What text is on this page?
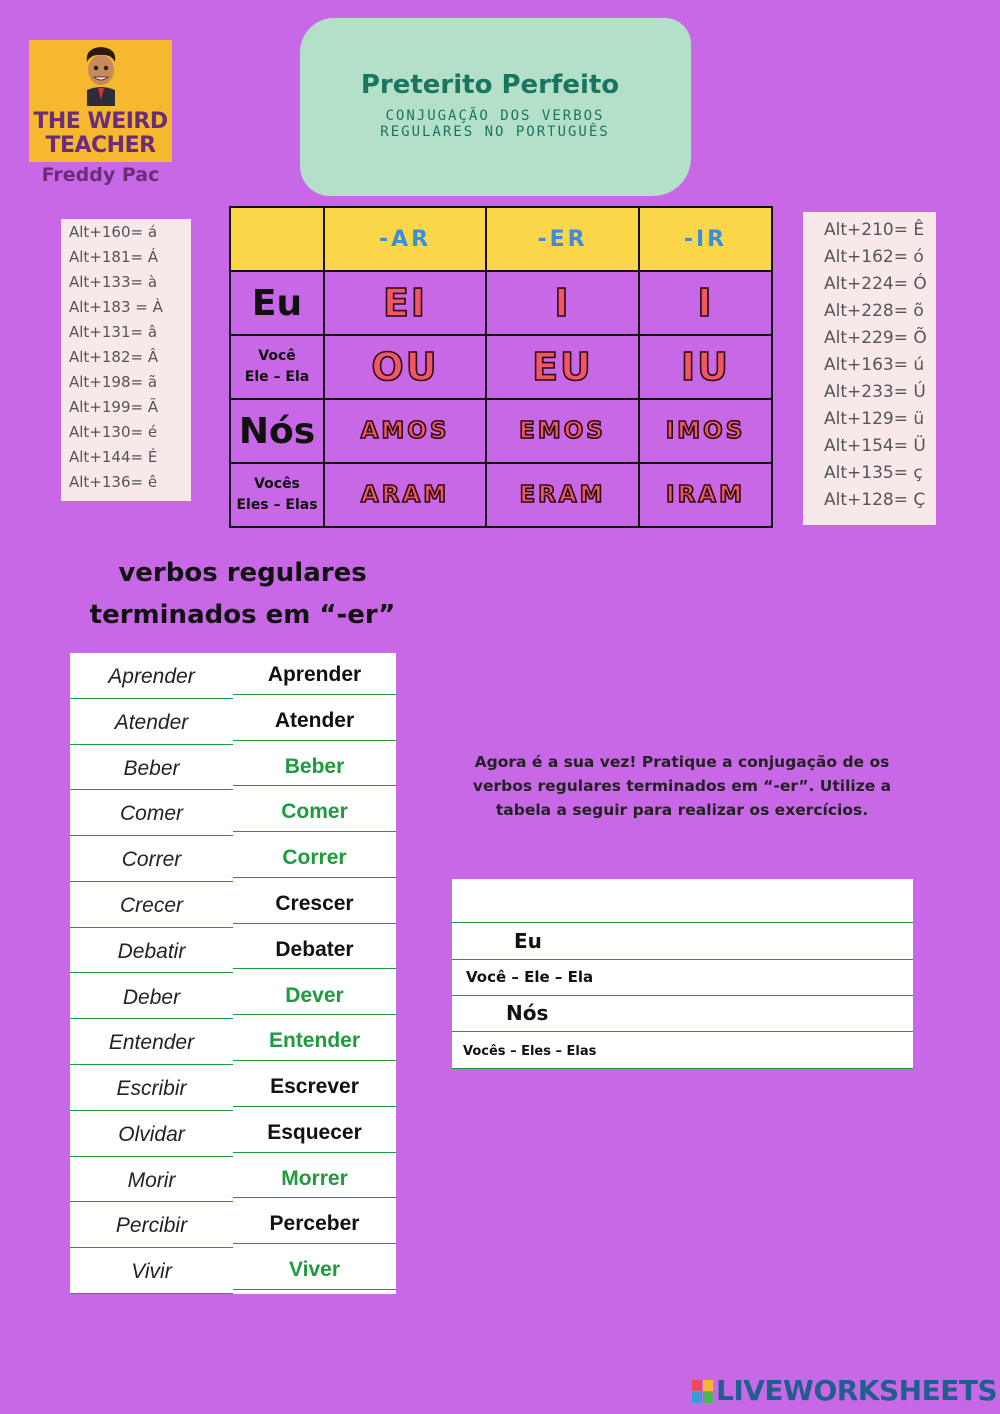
THE WEIRD
TEACHER
Freddy Pac
Preterito Perfeito
CONJUGAÇÃO DOS VERBOS
REGULARES NO PORTUGUÊS
Alt+160= á
Alt+181= Á
Alt+133= à
Alt+183 = À
Alt+131= â
Alt+182= Â
Alt+198= ã
Alt+199= Ã
Alt+130= é
Alt+144= É
Alt+136= ê
Alt+210= Ê
Alt+162= ó
Alt+224= Ó
Alt+228= õ
Alt+229= Õ
Alt+163= ú
Alt+233= Ú
Alt+129= ü
Alt+154= Ü
Alt+135= ç
Alt+128= Ç
	-AR	-ER	-IR
Eu	EI	I	I

Você
Ele – Ela	OU	EU	IU
Nós	AMOS	EMOS	IMOS

Vocês
Eles – Elas	ARAM	ERAM	IRAM
verbos regulares
terminados em “-er”
Aprender	Aprender
Atender	Atender
Beber	Beber
Comer	Comer
Correr	Correr
Crecer	Crescer
Debatir	Debater
Deber	Dever
Entender	Entender
Escribir	Escrever
Olvidar	Esquecer
Morir	Morrer
Percibir	Perceber
Vivir	Viver
Agora é a sua vez! Pratique a conjugação de os
verbos regulares terminados em “-er”. Utilize a
tabela a seguir para realizar os exercícios.
Eu
Você – Ele – Ela
Nós
Vocês – Eles – Elas
LIVEWORKSHEETS
